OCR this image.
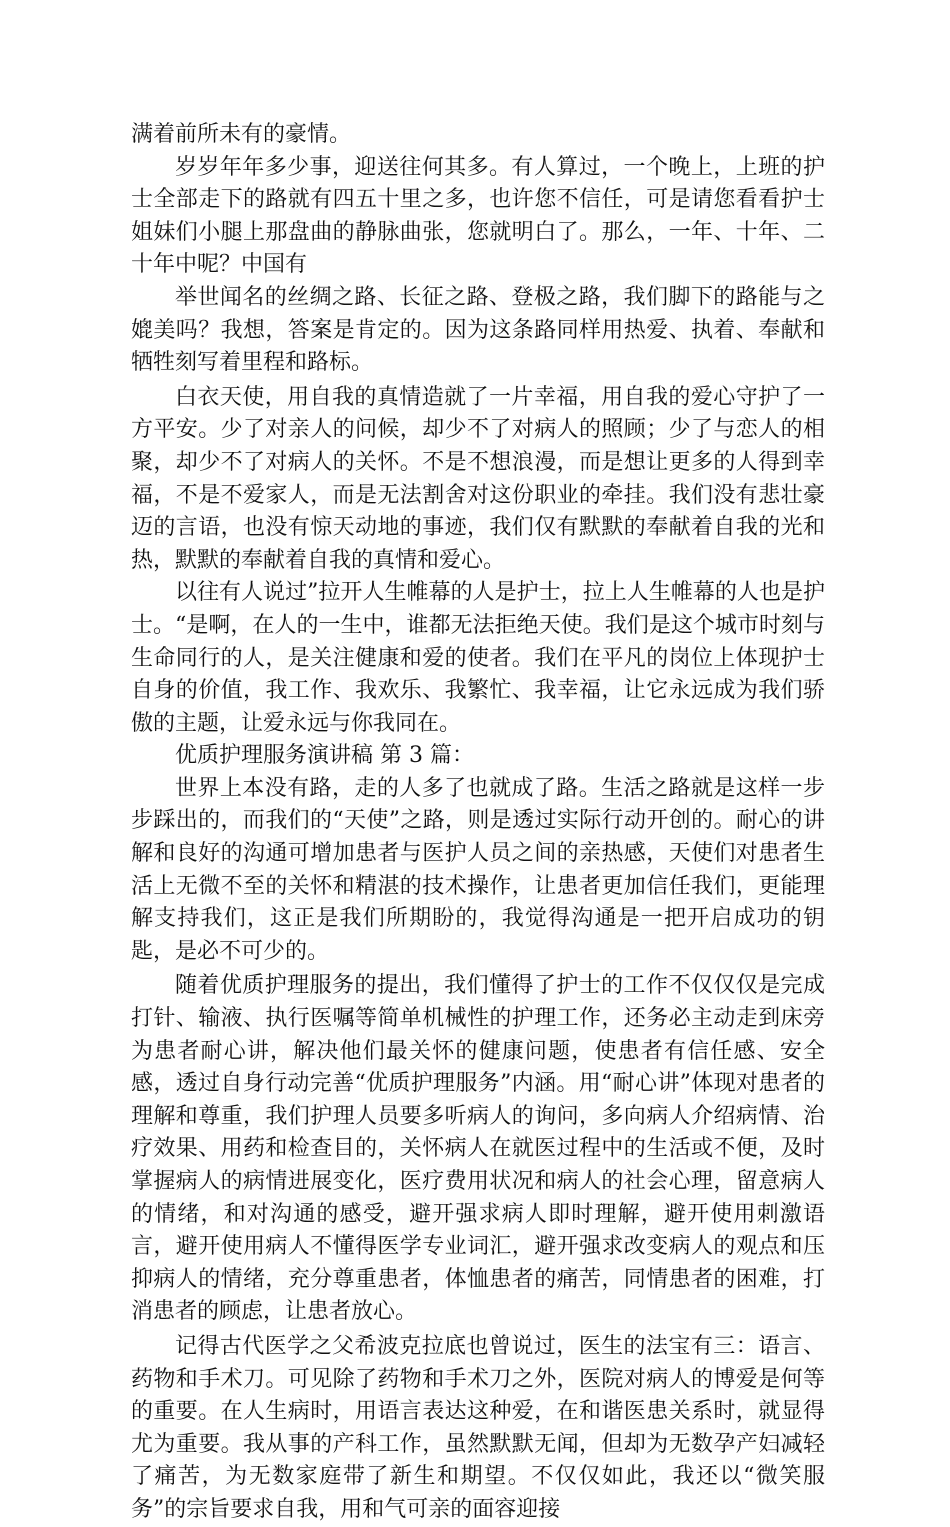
满着前所未有的豪情。

岁岁年年多少事，迎送往何其多。有人算过，一个晚上，上班的护士全部走下的路就有四五十里之多，也许您不信任，可是请您看看护士姐妹们小腿上那盘曲的静脉曲张，您就明白了。那么，一年、十年、二十年中呢？中国有

举世闻名的丝绸之路、长征之路、登极之路，我们脚下的路能与之媲美吗？我想，答案是肯定的。因为这条路同样用热爱、执着、奉献和牺牲刻写着里程和路标。

白衣天使，用自我的真情造就了一片幸福，用自我的爱心守护了一方平安。少了对亲人的问候，却少不了对病人的照顾；少了与恋人的相聚，却少不了对病人的关怀。不是不想浪漫，而是想让更多的人得到幸福，不是不爱家人，而是无法割舍对这份职业的牵挂。我们没有悲壮豪迈的言语，也没有惊天动地的事迹，我们仅有默默的奉献着自我的光和热，默默的奉献着自我的真情和爱心。

以往有人说过”拉开人生帷幕的人是护士，拉上人生帷幕的人也是护士。“是啊，在人的一生中，谁都无法拒绝天使。我们是这个城市时刻与生命同行的人，是关注健康和爱的使者。我们在平凡的岗位上体现护士自身的价值，我工作、我欢乐、我繁忙、我幸福，让它永远成为我们骄傲的主题，让爱永远与你我同在。

优质护理服务演讲稿 第 3 篇：

世界上本没有路，走的人多了也就成了路。生活之路就是这样一步步踩出的，而我们的“天使”之路，则是透过实际行动开创的。耐心的讲解和良好的沟通可增加患者与医护人员之间的亲热感，天使们对患者生活上无微不至的关怀和精湛的技术操作，让患者更加信任我们，更能理解支持我们，这正是我们所期盼的，我觉得沟通是一把开启成功的钥匙，是必不可少的。

随着优质护理服务的提出，我们懂得了护士的工作不仅仅仅是完成打针、输液、执行医嘱等简单机械性的护理工作，还务必主动走到床旁为患者耐心讲，解决他们最关怀的健康问题，使患者有信任感、安全感，透过自身行动完善“优质护理服务”内涵。用“耐心讲”体现对患者的理解和尊重，我们护理人员要多听病人的询问，多向病人介绍病情、治疗效果、用药和检查目的，关怀病人在就医过程中的生活或不便，及时掌握病人的病情进展变化，医疗费用状况和病人的社会心理，留意病人的情绪，和对沟通的感受，避开强求病人即时理解，避开使用刺激语言，避开使用病人不懂得医学专业词汇，避开强求改变病人的观点和压抑病人的情绪，充分尊重患者，体恤患者的痛苦，同情患者的困难，打消患者的顾虑，让患者放心。

记得古代医学之父希波克拉底也曾说过，医生的法宝有三：语言、药物和手术刀。可见除了药物和手术刀之外，医院对病人的博爱是何等的重要。在人生病时，用语言表达这种爱，在和谐医患关系时，就显得尤为重要。我从事的产科工作，虽然默默无闻，但却为无数孕产妇减轻了痛苦，为无数家庭带了新生和期望。不仅仅如此，我还以“微笑服务”的宗旨要求自我，用和气可亲的面容迎接
